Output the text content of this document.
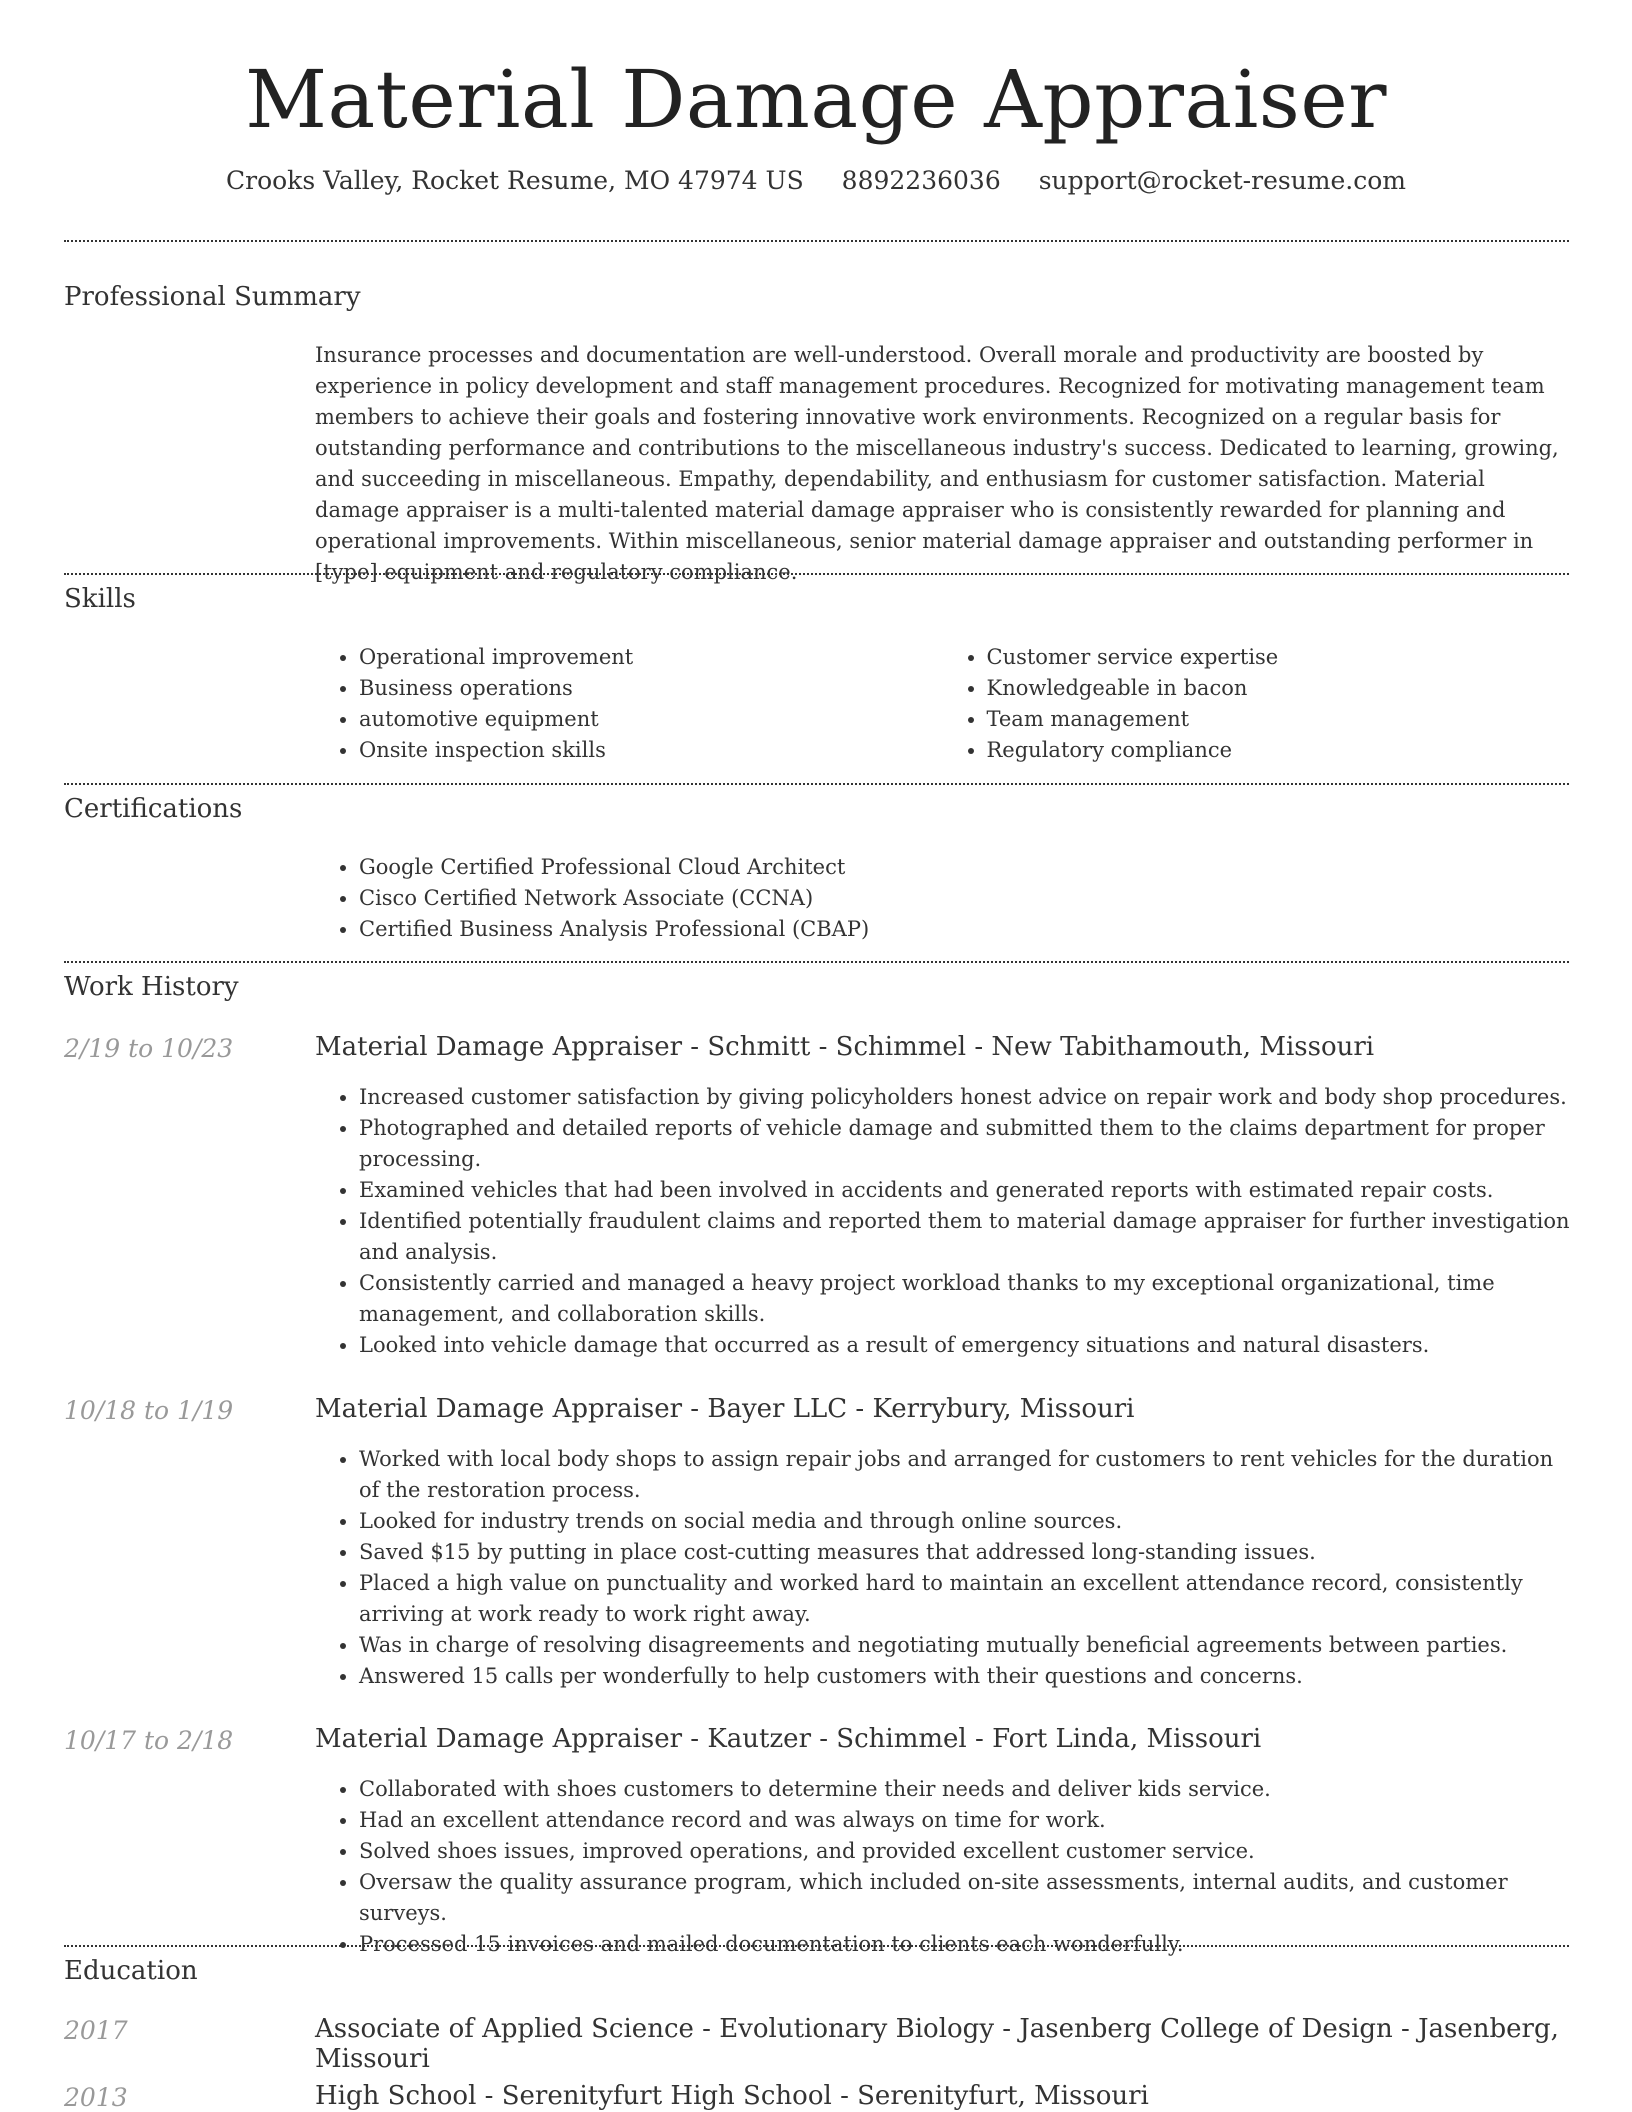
Material Damage Appraiser
Crooks Valley, Rocket Resume, MO 47974 US 8892236036 support@rocket-resume.com
Professional Summary
Insurance processes and documentation are well-understood. Overall morale and productivity are boosted by experience in policy development and staff management procedures. Recognized for motivating management team members to achieve their goals and fostering innovative work environments. Recognized on a regular basis for outstanding performance and contributions to the miscellaneous industry's success. Dedicated to learning, growing, and succeeding in miscellaneous. Empathy, dependability, and enthusiasm for customer satisfaction. Material damage appraiser is a multi-talented material damage appraiser who is consistently rewarded for planning and operational improvements. Within miscellaneous, senior material damage appraiser and outstanding performer in [type] equipment and regulatory compliance.
Skills
• Operational improvement
• Business operations
• automotive equipment
• Onsite inspection skills
• Customer service expertise
• Knowledgeable in bacon
• Team management
• Regulatory compliance
Certifications
• Google Certified Professional Cloud Architect
• Cisco Certified Network Associate (CCNA)
• Certified Business Analysis Professional (CBAP)
Work History
2/19 to 10/23	Material Damage Appraiser - Schmitt - Schimmel - New Tabithamouth, Missouri
• Increased customer satisfaction by giving policyholders honest advice on repair work and body shop procedures.
• Photographed and detailed reports of vehicle damage and submitted them to the claims department for proper processing.
• Examined vehicles that had been involved in accidents and generated reports with estimated repair costs.
• Identified potentially fraudulent claims and reported them to material damage appraiser for further investigation and analysis.
• Consistently carried and managed a heavy project workload thanks to my exceptional organizational, time management, and collaboration skills.
• Looked into vehicle damage that occurred as a result of emergency situations and natural disasters.
10/18 to 1/19	Material Damage Appraiser - Bayer LLC - Kerrybury, Missouri
• Worked with local body shops to assign repair jobs and arranged for customers to rent vehicles for the duration of the restoration process.
• Looked for industry trends on social media and through online sources.
• Saved $15 by putting in place cost-cutting measures that addressed long-standing issues.
• Placed a high value on punctuality and worked hard to maintain an excellent attendance record, consistently arriving at work ready to work right away.
• Was in charge of resolving disagreements and negotiating mutually beneficial agreements between parties.
• Answered 15 calls per wonderfully to help customers with their questions and concerns.
10/17 to 2/18	Material Damage Appraiser - Kautzer - Schimmel - Fort Linda, Missouri
• Collaborated with shoes customers to determine their needs and deliver kids service.
• Had an excellent attendance record and was always on time for work.
• Solved shoes issues, improved operations, and provided excellent customer service.
• Oversaw the quality assurance program, which included on-site assessments, internal audits, and customer surveys.
• Processed 15 invoices and mailed documentation to clients each wonderfully.
Education
2017	Associate of Applied Science - Evolutionary Biology - Jasenberg College of Design - Jasenberg, Missouri
2013	High School - Serenityfurt High School - Serenityfurt, Missouri
